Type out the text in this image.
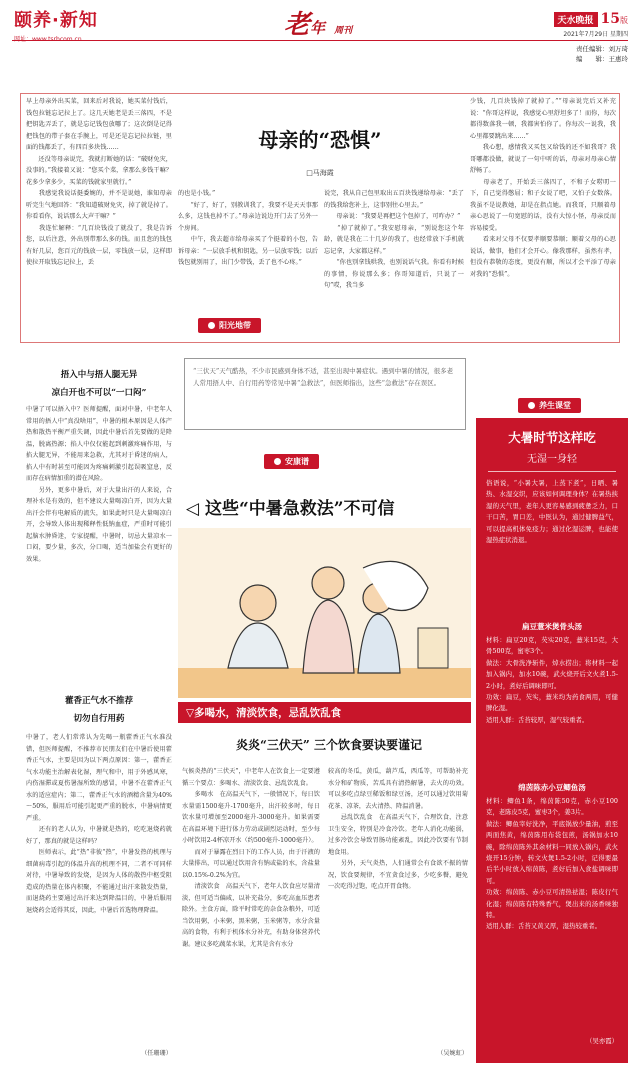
颐养·新知	老年 周刊
天水晚报 15版
2021年7月29日 星期四
责任编辑：刘万琦
编　　辑：王惠玲
母亲的“恐惧”
□马海霞
早上母亲外出买菜，回来后对我说，她买菜付钱后，钱包拉链忘记拉上了。这几天她老是丢三落四，不是把钥匙弄丢了，就是忘记钱包放哪了；这次倒是记得把钱包的带子套在手腕上，可是还是忘记拉拉链，里面的钱都丢了，有四百多块钱……
　　还没等母亲说完，我就打断她的话：“破财免灾，没事的。”我接着又说：“您买个菜，拿那么多钱干嘛？花多少拿多少，买菜的钱就家里就行。”
　　我感觉我说话挺委婉的，并不是说她，谁知母亲听完生气地回答：“我知道破财免灾，掉了就是掉了。你看看你，说话那么大声干嘛？”
　　我连忙解释：“几百块钱没了就没了，我是告诉您，以后注意，外出别带那么多的钱。而且您的钱包有好几层，您百元的钱放一层，零钱放一层，这样即使拉开取钱忘记拉上，丢
的也是小钱。”
　　“好了，好了，别教训我了，我要不是天天事那么多，这钱也掉不了。”母亲边说边开门去了另外一个房间。
　　中午，我去超市给母亲买了个挺着的小包，告诉母亲：“一层放手机和钥匙，另一层放零钱；以后钱包就别用了，出门少带钱，丢了也不心疼。”
说完，我从自己包里取出五百块钱递给母亲：“丢了的钱我给您补上，这事别往心里去。”
　　母亲说：“我要是再把这个包掉了，可咋办？”
　　“掉了就掉了。”我安慰母亲，“别说您这个年龄，就是我在二十几岁的我了，也经常放下手机就忘记拿，大家都这样。”
　　“你也别拿钱哄我，也别说话气我。你看有时候的事情，你说那么多；你哥知道后，只说了一句”哎，我当多
少钱，几百块钱掉了就掉了。”“母亲说完后又补充说：“你哥这样说，我感觉心里舒坦多了！而你，每次都得数落我一顿，我都害怕你了。你每次一说我，我心里都要跳出来……”
　　我心想，感情我又买包又给钱的还不如我哥？我哥哪都没做，就说了一句中听的话，母亲对母亲心情舒畅了。
　　母亲老了，开始丢三落四了，不和子女唠叨一下，自己觉得憋屈；和子女说了吧，又怕子女数落。我虽不是说教她，却是在指点她。而我哥，只顺着母亲心思说了一句宽慰的话，没有大惊小怪，母亲反而容易接受。
　　看来对父母不仅要孝顺要恭顺；顺着父母的心思说话，做事，他们才会开心。像我那样，虽然有孝，但没有恭敬的态度，更没有顺，所以才会平添了母亲对我的“恐惧”。
阳光地带
捂入中与捂人腿无异
凉白开也不可以“一口闷”
中暑了可以捂入中？医师提醒，面对中暑，中老年人常用的捂人中“真没啥用”，中暑的根本原因是人体产热和散热平衡严重失调，因此中暑后首先要做的是降温，脱离热源；掐人中仅仅能起到刺激疼痛作用，与掐大腿无异，不能用来急救，尤其对于昏迷的病人，掐人中有时甚至可能因为疼痛刺激引起误吸窒息，反而存在病情加重的潜在风险。
　　另外，更多中暑后，对于大量出汗的人来说，合理补水是有效的，但不建议大量喝凉白开，因为大量出汗会伴有电解质的流失，如果此时只是大量喝凉白开，会导致人体出现稀释性低钠血症，严重时可能引起脑水肿昏迷，专家提醒，中暑时，切忌大量凉水一口闷，要少量，多次，分口喝，适当加盐会有更好的效果。
藿香正气水不推荐
切勿自行用药
中暑了，老人们常常认为先喝一瓶藿香正气水准没错，但医师提醒，不推荐市民朋友们在中暑后使用藿香正气水，主要是因为以下两点原因：第一，藿香正气水功能主治解表化湿，理气和中，用于外感风寒，内伤湿滞或夏伤暑湿所致的感冒，中暑不在藿香正气水的适应症内；第二，藿香正气水的酒精含量为40%～50%，服用后可能引起更严重的脱水，中暑病情更严重。
　　还有的老人认为，中暑就是热的，吃吃退烧药就好了，那真的就是这样吗？
　　医师表示，此“热”非彼“热”，中暑发热的机理与细菌病毒引起的体温升高的机理不同，二者不可同样对待，中暑导致的发烧，是因为人体的散热中枢受阻造成的热量在体内积聚，不能通过出汗来散发热量，而退烧药主要通过出汗来达到降温目的，中暑后服用退烧药会适得其反，因此，中暑后首选物理降温。
（任珊珊）
“三伏天”天气酷热，不少市民感到身体不适，甚至出现中暑症状。遇到中暑的情况，很多老人常用捂人中、自行用药等常见中暑“急救法”，但医师指出，这些“急救法”存在误区。
安康谱
◁ 这些“中暑急救法”不可信
▽多喝水，清淡饮食，忌乱饮乱食
炎炎“三伏天” 三个饮食要诀要谨记
气候炎热的“三伏天”，中老年人在饮食上一定要遵循三个要点：多喝水、清淡饮食、忌乱饮乱食。
　　多喝水　在高温天气下，一般情况下，每日饮水量需1500毫升-1700毫升，出汗较多时，每日饮水量可增加至2000毫升-3000毫升。如果需要在高温环境下进行体力劳动或剧烈运动时，至少每小时饮用2-4杯凉开水（约500毫升-1000毫升）。
　　而对于暴露在烈日下的工作人员，由于汗液的大量排出，可以通过饮用含有钠或盐的水，含盐量以0.15%-0.2%为宜。
　　清淡饮食　高温天气下，老年人饮食应尽量清淡，但可适当偏咸，以补充盐分，多吃高血压患者除外。主食方面，除平时常吃的杂食杂粮外，可适当饮用粥，小米粥，黑米粥，玉米粥等，水分含量高的食物，有利于机体水分补充，有助身体营养代谢。建议多吃蔬菜水果，尤其是含有水分
较高的冬瓜，黄瓜，葫芦瓜，西瓜等，可帮助补充水分和矿物质，苦瓜具有清热解暑，去火的功效。可以多吃点绿豆稀饭和绿豆汤，还可以通过饮用菊花茶、凉茶，去火清热、降温消暑。
　　忌乱饮乱食　在高温天气下，合理饮食，注意卫生安全，特别是冷食冷饮。老年人消化功能弱，过多冷饮会导致胃肠功能紊乱，因此冷饮要有节制地食用。
　　另外，天气炎热，人们通常会有食欲不振的情况，饮食要规律，不宜贪食过多，少吃多餐，避免一次吃得过饱，吃点开胃食物。
（吴婉虹）
养生课堂
大暑时节这样吃
无湿一身轻
俗语说，“小暑大暑，上蒸下煮”，日晒、暑热、水湿交织，应该如何调理身体？在暑热挟湿的天气里，老年人更容易感到疲惫乏力，口干口苦，胃口差，中医认为，通过健脾益气，可以提高机体免疫力；通过化湿运脾，也能使湿热症状消退。
扁豆薏米煲骨头汤
材料：扁豆20克，芡实20克，薏米15克，大骨500克，蜜枣3个。
做法：大骨洗净斩件，焯水捞出；将材料一起加入锅内，加水10碗，武火烧开后文火煮1.5-2小时，煮好后调味即可。
功效：扁豆，芡实，薏米均为药食两用，可健脾化湿。
适用人群：舌苔较厚，湿气较重者。
绵茵陈赤小豆鲫鱼汤
材料：鲫鱼1条，绵茵陈50克，赤小豆100克，老陈皮5克，蜜枣3个，姜3片。
做法：鲫鱼宰好洗净，平底锅放少量油，煎至两面焦黄，绵茵陈用布袋包煎，汤锅加水10碗，除绵茵陈外其余材料一同放入锅内，武火烧开15分钟，转文火煲1.5-2小时，记得要最后半小时放入绵茵陈，煮好后加入食盐调味即可。
功效：绵茵陈、赤小豆可清热祛湿；陈皮行气化湿；绵茵陈有特殊香气，煲出来的汤香味独特。
适用人群：舌苔又黄又厚，湿热较重者。
（吴亦霞）
